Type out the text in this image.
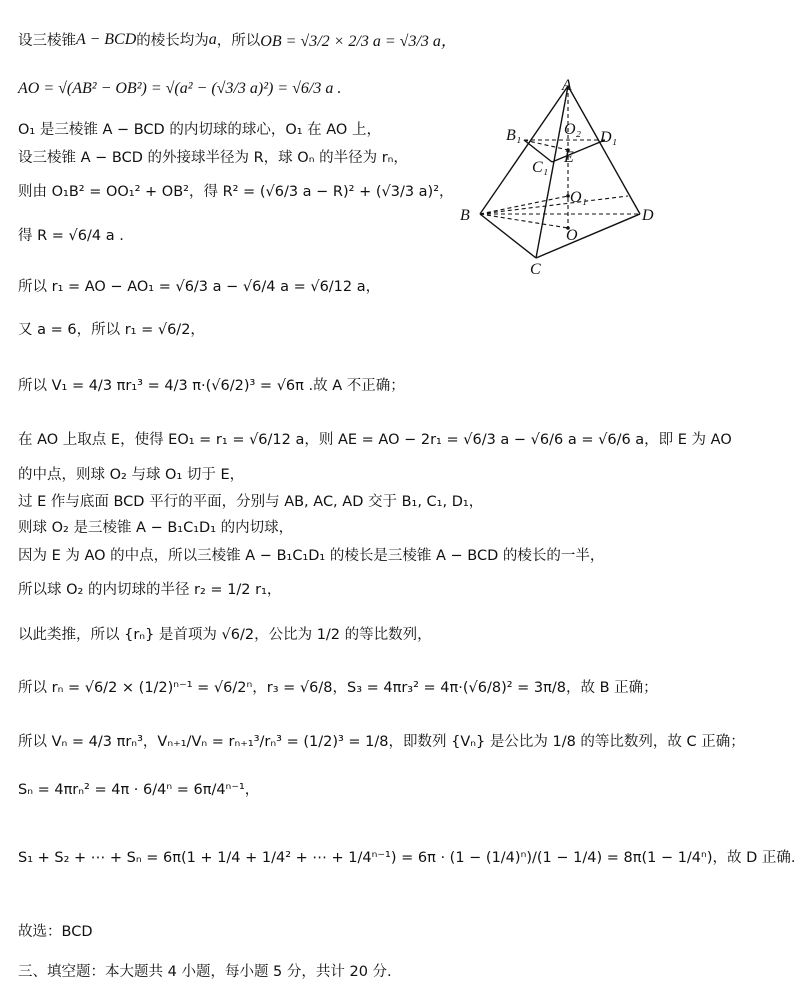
设三棱锥 A − BCD 的棱长均为 a ，所以 OB = √3/2 × 2/3 a = √3/3 a，
AO = √(AB² − OB²) = √(a² − (√3/3 a)²) = √6/3 a .
O₁ 是三棱锥 A − BCD 的内切球的球心，O₁ 在 AO 上，
设三棱锥 A − BCD 的外接球半径为 R，球 Oₙ 的半径为 rₙ，
则由 O₁B² = OO₁² + OB²，得 R² = (√6/3 a − R)² + (√3/3 a)²，
得 R = √6/4 a .
所以 r₁ = AO − AO₁ = √6/3 a − √6/4 a = √6/12 a，
又 a = 6，所以 r₁ = √6/2，
所以 V₁ = 4/3 πr₁³ = 4/3 π·(√6/2)³ = √6π .故 A 不正确；
在 AO 上取点 E，使得 EO₁ = r₁ = √6/12 a，则 AE = AO − 2r₁ = √6/3 a − √6/6 a = √6/6 a，即 E 为 AO
的中点，则球 O₂ 与球 O₁ 切于 E，
过 E 作与底面 BCD 平行的平面，分别与 AB, AC, AD 交于 B₁, C₁, D₁，
则球 O₂ 是三棱锥 A − B₁C₁D₁ 的内切球，
因为 E 为 AO 的中点，所以三棱锥 A − B₁C₁D₁ 的棱长是三棱锥 A − BCD 的棱长的一半，
所以球 O₂ 的内切球的半径 r₂ = 1/2 r₁，
以此类推，所以 {rₙ} 是首项为 √6/2，公比为 1/2 的等比数列，
所以 rₙ = √6/2 × (1/2)ⁿ⁻¹ = √6/2ⁿ，r₃ = √6/8，S₃ = 4πr₃² = 4π·(√6/8)² = 3π/8，故 B 正确；
所以 Vₙ = 4/3 πrₙ³，Vₙ₊₁/Vₙ = rₙ₊₁³/rₙ³ = (1/2)³ = 1/8，即数列 {Vₙ} 是公比为 1/8 的等比数列，故 C 正确；
Sₙ = 4πrₙ² = 4π · 6/4ⁿ = 6π/4ⁿ⁻¹，
S₁ + S₂ + ⋯ + Sₙ = 6π(1 + 1/4 + 1/4² + ⋯ + 1/4ⁿ⁻¹) = 6π · (1 − (1/4)ⁿ)/(1 − 1/4) = 8π(1 − 1/4ⁿ)，故 D 正确.
故选：BCD
三、填空题：本大题共 4 小题，每小题 5 分，共计 20 分.
A
B₁	O₂ D₁
C₁
E
O₁
B
O
D
C
